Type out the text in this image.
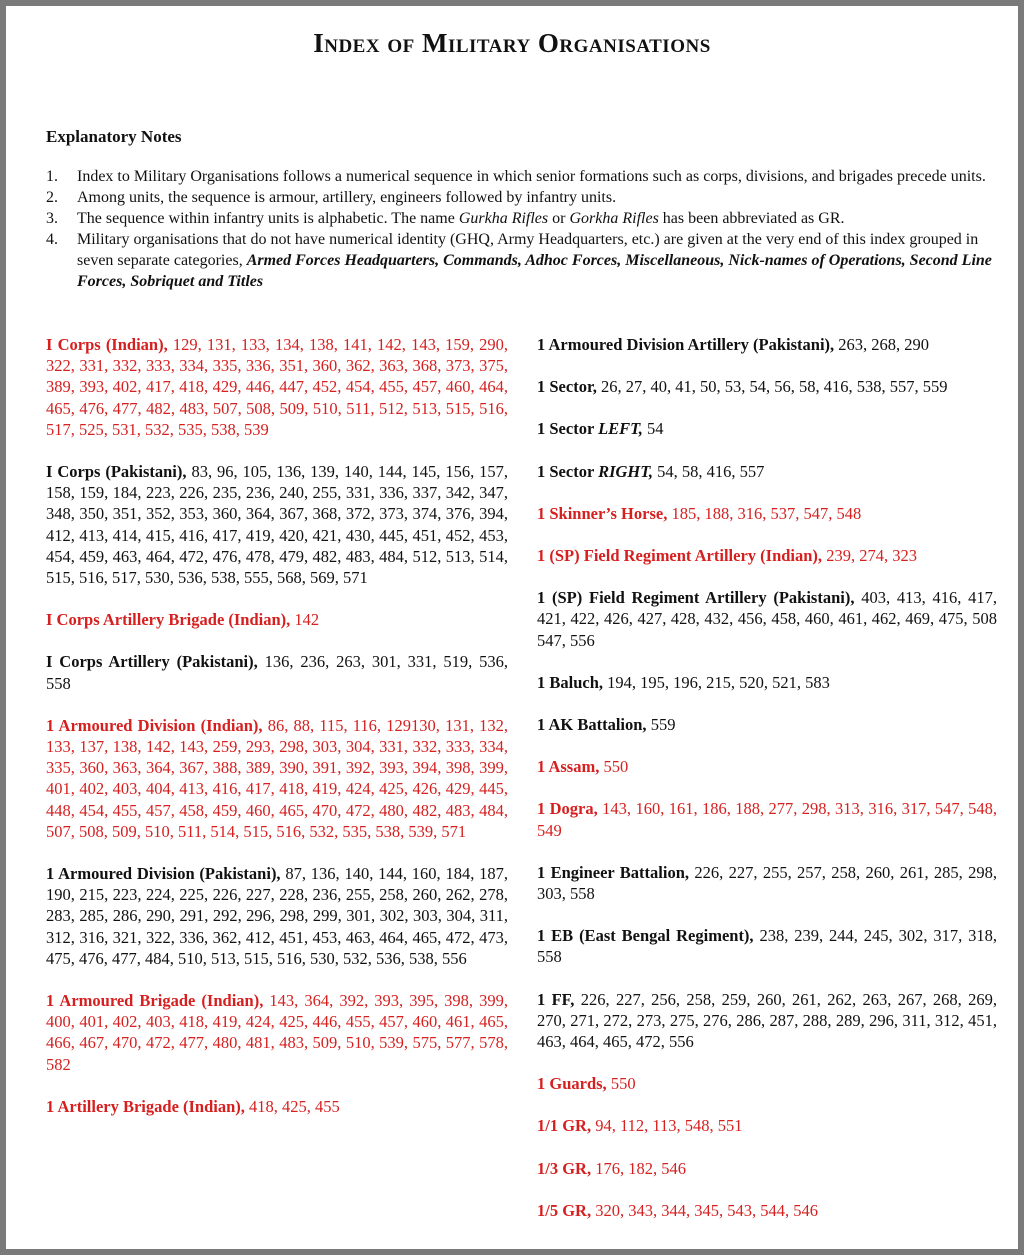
Index of Military Organisations
Explanatory Notes
1. Index to Military Organisations follows a numerical sequence in which senior formations such as corps, divisions, and brigades precede units.
2. Among units, the sequence is armour, artillery, engineers followed by infantry units.
3. The sequence within infantry units is alphabetic. The name Gurkha Rifles or Gorkha Rifles has been abbreviated as GR.
4. Military organisations that do not have numerical identity (GHQ, Army Headquarters, etc.) are given at the very end of this index grouped in seven separate categories, Armed Forces Headquarters, Commands, Adhoc Forces, Miscellaneous, Nick-names of Operations, Second Line Forces, Sobriquet and Titles

I Corps (Indian), 129, 131, 133, 134, 138, 141, 142, 143, 159, 290, 322, 331, 332, 333, 334, 335, 336, 351, 360, 362, 363, 368, 373, 375, 389, 393, 402, 417, 418, 429, 446, 447, 452, 454, 455, 457, 460, 464, 465, 476, 477, 482, 483, 507, 508, 509, 510, 511, 512, 513, 515, 516, 517, 525, 531, 532, 535, 538, 539

I Corps (Pakistani), 83, 96, 105, 136, 139, 140, 144, 145, 156, 157, 158, 159, 184, 223, 226, 235, 236, 240, 255, 331, 336, 337, 342, 347, 348, 350, 351, 352, 353, 360, 364, 367, 368, 372, 373, 374, 376, 394, 412, 413, 414, 415, 416, 417, 419, 420, 421, 430, 445, 451, 452, 453, 454, 459, 463, 464, 472, 476, 478, 479, 482, 483, 484, 512, 513, 514, 515, 516, 517, 530, 536, 538, 555, 568, 569, 571

I Corps Artillery Brigade (Indian), 142

I Corps Artillery (Pakistani), 136, 236, 263, 301, 331, 519, 536, 558

1 Armoured Division (Indian), 86, 88, 115, 116, 129130, 131, 132, 133, 137, 138, 142, 143, 259, 293, 298, 303, 304, 331, 332, 333, 334, 335, 360, 363, 364, 367, 388, 389, 390, 391, 392, 393, 394, 398, 399, 401, 402, 403, 404, 413, 416, 417, 418, 419, 424, 425, 426, 429, 445, 448, 454, 455, 457, 458, 459, 460, 465, 470, 472, 480, 482, 483, 484, 507, 508, 509, 510, 511, 514, 515, 516, 532, 535, 538, 539, 571

1 Armoured Division (Pakistani), 87, 136, 140, 144, 160, 184, 187, 190, 215, 223, 224, 225, 226, 227, 228, 236, 255, 258, 260, 262, 278, 283, 285, 286, 290, 291, 292, 296, 298, 299, 301, 302, 303, 304, 311, 312, 316, 321, 322, 336, 362, 412, 451, 453, 463, 464, 465, 472, 473, 475, 476, 477, 484, 510, 513, 515, 516, 530, 532, 536, 538, 556

1 Armoured Brigade (Indian), 143, 364, 392, 393, 395, 398, 399, 400, 401, 402, 403, 418, 419, 424, 425, 446, 455, 457, 460, 461, 465, 466, 467, 470, 472, 477, 480, 481, 483, 509, 510, 539, 575, 577, 578, 582

1 Artillery Brigade (Indian), 418, 425, 455

1 Armoured Division Artillery (Pakistani), 263, 268, 290

1 Sector, 26, 27, 40, 41, 50, 53, 54, 56, 58, 416, 538, 557, 559

1 Sector LEFT, 54

1 Sector RIGHT, 54, 58, 416, 557

1 Skinner’s Horse, 185, 188, 316, 537, 547, 548

1 (SP) Field Regiment Artillery (Indian), 239, 274, 323

1 (SP) Field Regiment Artillery (Pakistani), 403, 413, 416, 417, 421, 422, 426, 427, 428, 432, 456, 458, 460, 461, 462, 469, 475, 508 547, 556

1 Baluch, 194, 195, 196, 215, 520, 521, 583

1 AK Battalion, 559

1 Assam, 550

1 Dogra, 143, 160, 161, 186, 188, 277, 298, 313, 316, 317, 547, 548, 549

1 Engineer Battalion, 226, 227, 255, 257, 258, 260, 261, 285, 298, 303, 558

1 EB (East Bengal Regiment), 238, 239, 244, 245, 302, 317, 318, 558

1 FF, 226, 227, 256, 258, 259, 260, 261, 262, 263, 267, 268, 269, 270, 271, 272, 273, 275, 276, 286, 287, 288, 289, 296, 311, 312, 451, 463, 464, 465, 472, 556

1 Guards, 550

1/1 GR, 94, 112, 113, 548, 551

1/3 GR, 176, 182, 546

1/5 GR, 320, 343, 344, 345, 543, 544, 546
